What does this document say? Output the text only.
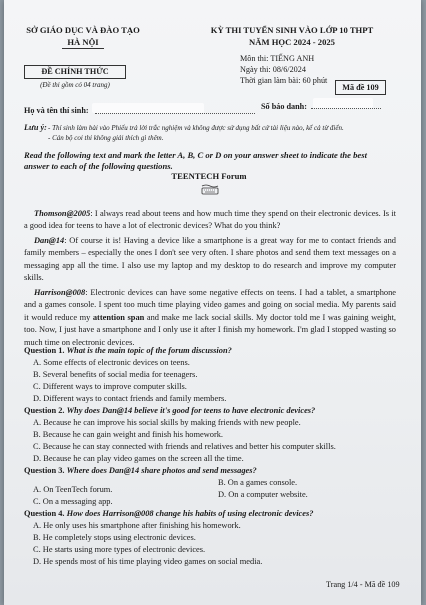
SỞ GIÁO DỤC VÀ ĐÀO TẠO
HÀ NỘI
ĐỀ CHÍNH THỨC
(Đề thi gồm có 04 trang)
KỲ THI TUYỂN SINH VÀO LỚP 10 THPT
NĂM HỌC 2024 - 2025
Môn thi: TIẾNG ANH
Ngày thi: 08/6/2024
Thời gian làm bài: 60 phút
Mã đề 109
Họ và tên thí sinh:	Số báo danh:
Lưu ý: - Thí sinh làm bài vào Phiếu trả lời trắc nghiệm và không được sử dụng bất cứ tài liệu nào, kể cả từ điển.
- Cán bộ coi thi không giải thích gì thêm.
Read the following text and mark the letter A, B, C or D on your answer sheet to indicate the best
answer to each of the following questions.
TEENTECH Forum
Thomson@2005: I always read about teens and how much time they spend on their electronic devices. Is it a good idea for teens to have a lot of electronic devices? What do you think?
Dan@14: Of course it is! Having a device like a smartphone is a great way for me to contact friends and family members – especially the ones I don't see very often. I share photos and send them text messages on a messaging app all the time. I also use my laptop and my desktop to do research and improve my computer skills.
Harrison@008: Electronic devices can have some negative effects on teens. I had a tablet, a smartphone and a games console. I spent too much time playing video games and going on social media. My parents said it would reduce my attention span and make me lack social skills. My doctor told me I was gaining weight, too. Now, I just have a smartphone and I only use it after I finish my homework. I'm glad I stopped wasting so much time on electronic devices.
Question 1. What is the main topic of the forum discussion?
A. Some effects of electronic devices on teens.
B. Several benefits of social media for teenagers.
C. Different ways to improve computer skills.
D. Different ways to contact friends and family members.
Question 2. Why does Dan@14 believe it's good for teens to have electronic devices?
A. Because he can improve his social skills by making friends with new people.
B. Because he can gain weight and finish his homework.
C. Because he can stay connected with friends and relatives and better his computer skills.
D. Because he can play video games on the screen all the time.
Question 3. Where does Dan@14 share photos and send messages?
A. On TeenTech forum.
B. On a games console.
C. On a messaging app.
D. On a computer website.
Question 4. How does Harrison@008 change his habits of using electronic devices?
A. He only uses his smartphone after finishing his homework.
B. He completely stops using electronic devices.
C. He starts using more types of electronic devices.
D. He spends most of his time playing video games on social media.
Trang 1/4 - Mã đề 109
